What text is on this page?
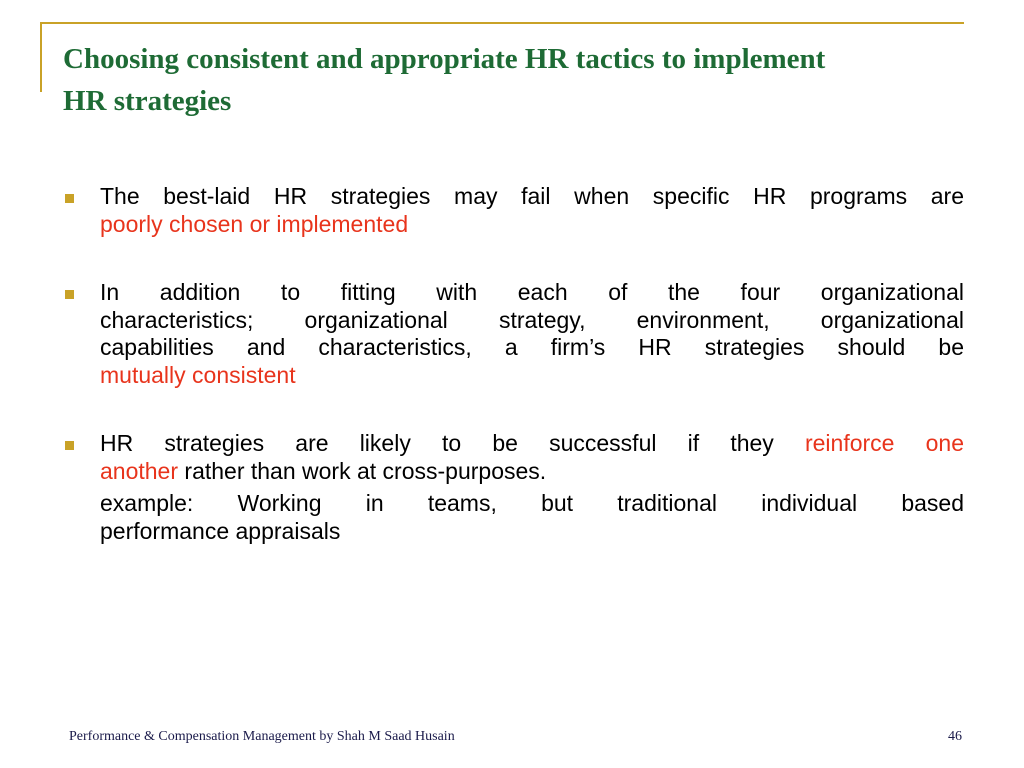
Choosing consistent and appropriate HR tactics to implement
HR strategies

The best-laid HR strategies may fail when specific HR programs are
poorly chosen or implemented

In addition to fitting with each of the four organizational
characteristics; organizational strategy, environment, organizational
capabilities and characteristics, a firm’s HR strategies should be
mutually consistent

HR strategies are likely to be successful if they reinforce one
another rather than work at cross-purposes.

example: Working in teams, but traditional individual based
performance appraisals

Performance & Compensation Management by Shah M Saad Husain	46
